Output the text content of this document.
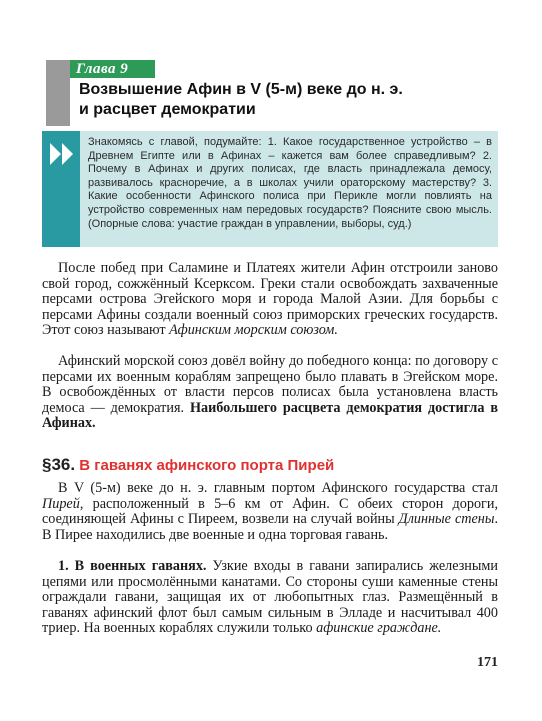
Глава 9
Возвышение Афин в V (5-м) веке до н. э.
и расцвет демократии

Знакомясь с главой, подумайте: 1. Какое государственное устройство – в Древнем Египте или в Афинах – кажется вам более справедливым? 2. Почему в Афинах и других полисах, где власть принадлежала демосу, развивалось красноречие, а в школах учили ораторскому мастерству? 3. Какие особенности Афинского полиса при Перикле могли повлиять на устройство современных нам передовых государств? Поясните свою мысль. (Опорные слова: участие граждан в управлении, выборы, суд.)

После побед при Саламине и Платеях жители Афин отстроили заново свой город, сожжённый Ксерксом. Греки стали освобождать захваченные персами острова Эгейского моря и города Малой Азии. Для борьбы с персами Афины создали военный союз приморских греческих государств. Этот союз называют Афинским морским союзом.

Афинский морской союз довёл войну до победного конца: по договору с персами их военным кораблям запрещено было плавать в Эгейском море. В освобождённых от власти персов полисах была установлена власть демоса — демократия. Наибольшего расцвета демократия достигла в Афинах.

§36. В гаванях афинского порта Пирей

В V (5-м) веке до н. э. главным портом Афинского государства стал Пирей, расположенный в 5–6 км от Афин. С обеих сторон дороги, соединяющей Афины с Пиреем, возвели на случай войны Длинные стены. В Пирее находились две военные и одна торговая гавань.

1. В военных гаванях. Узкие входы в гавани запирались железными цепями или просмолёнными канатами. Со стороны суши каменные стены ограждали гавани, защищая их от любопытных глаз. Размещённый в гаванях афинский флот был самым сильным в Элладе и насчитывал 400 триер. На военных кораблях служили только афинские граждане.

171
